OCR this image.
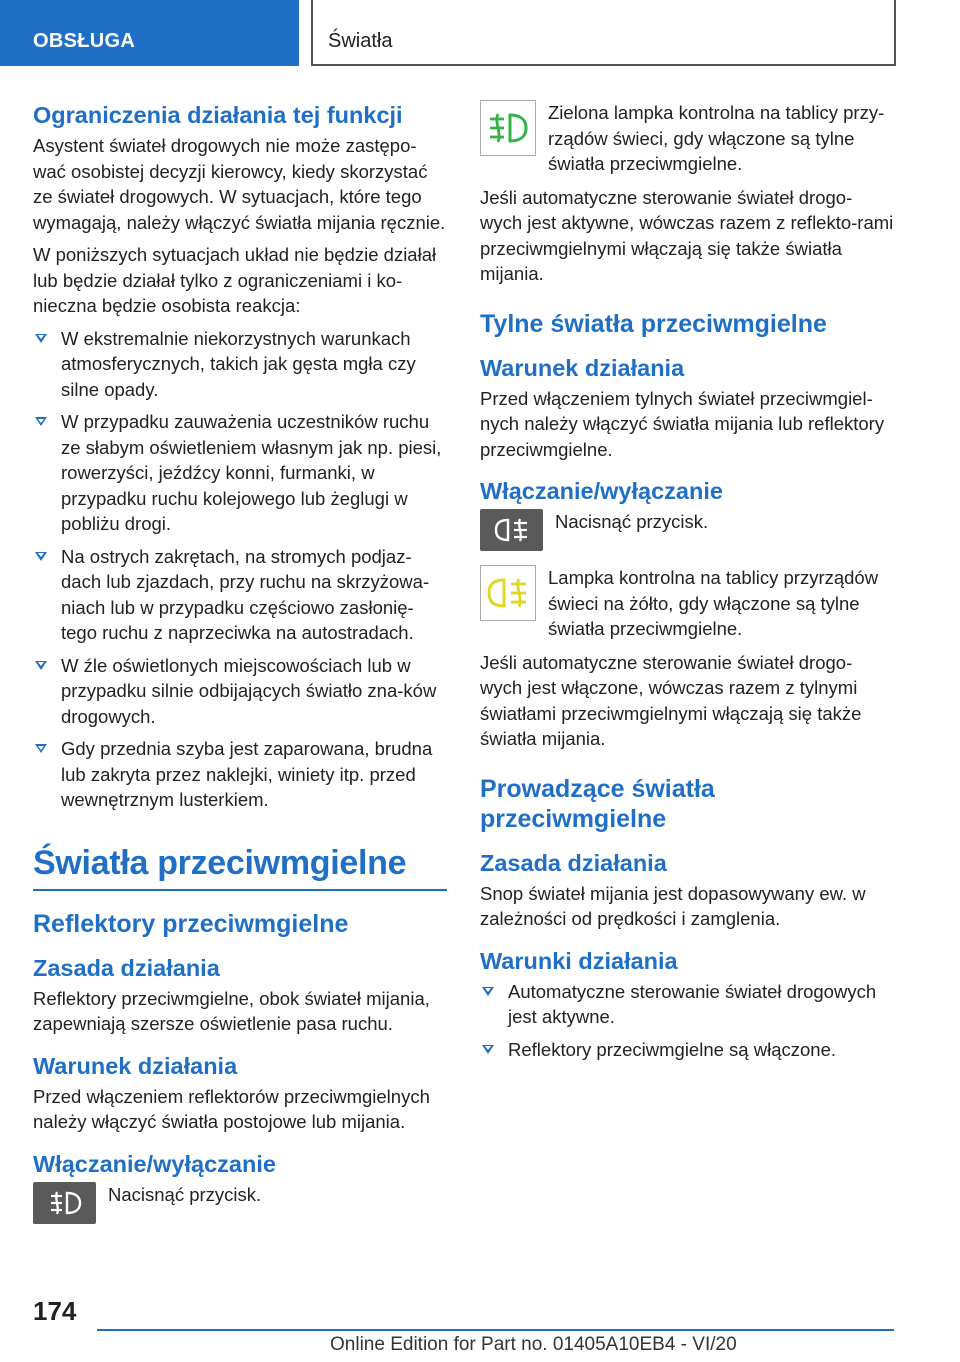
OBSŁUGA	Światła
Ograniczenia działania tej funkcji

Asystent świateł drogowych nie może zastępo-wać osobistej decyzji kierowcy, kiedy skorzystać ze świateł drogowych. W sytuacjach, które tego wymagają, należy włączyć światła mijania ręcznie.

W poniższych sytuacjach układ nie będzie działał lub będzie działał tylko z ograniczeniami i ko-nieczna będzie osobista reakcja:

W ekstremalnie niekorzystnych warunkach atmosferycznych, takich jak gęsta mgła czy silne opady.
W przypadku zauważenia uczestników ruchu ze słabym oświetleniem własnym jak np. piesi, rowerzyści, jeźdźcy konni, furmanki, w przypadku ruchu kolejowego lub żeglugi w pobliżu drogi.
Na ostrych zakrętach, na stromych podjaz-dach lub zjazdach, przy ruchu na skrzyżowa-niach lub w przypadku częściowo zasłonię-tego ruchu z naprzeciwka na autostradach.
W źle oświetlonych miejscowościach lub w przypadku silnie odbijających światło zna-ków drogowych.
Gdy przednia szyba jest zaparowana, brudna lub zakryta przez naklejki, winiety itp. przed wewnętrznym lusterkiem.
Światła przeciwmgielne
Reflektory przeciwmgielne
Zasada działania

Reflektory przeciwmgielne, obok świateł mijania, zapewniają szersze oświetlenie pasa ruchu.

Warunek działania

Przed włączeniem reflektorów przeciwmgielnych należy włączyć światła postojowe lub mijania.

Włączanie/wyłączanie

Nacisnąć przycisk.

Zielona lampka kontrolna na tablicy przy-rządów świeci, gdy włączone są tylne światła przeciwmgielne.

Jeśli automatyczne sterowanie świateł drogo-wych jest aktywne, wówczas razem z reflekto-rami przeciwmgielnymi włączają się także światła mijania.

Tylne światła przeciwmgielne
Warunek działania

Przed włączeniem tylnych świateł przeciwmgiel-nych należy włączyć światła mijania lub reflektory przeciwmgielne.

Włączanie/wyłączanie

Nacisnąć przycisk.

Lampka kontrolna na tablicy przyrządów świeci na żółto, gdy włączone są tylne światła przeciwmgielne.

Jeśli automatyczne sterowanie świateł drogo-wych jest włączone, wówczas razem z tylnymi światłami przeciwmgielnymi włączają się także światła mijania.

Prowadzące światła przeciwmgielne
Zasada działania

Snop świateł mijania jest dopasowywany ew. w zależności od prędkości i zamglenia.

Warunki działania
Automatyczne sterowanie świateł drogowych jest aktywne.
Reflektory przeciwmgielne są włączone.
174
Online Edition for Part no. 01405A10EB4 - VI/20
